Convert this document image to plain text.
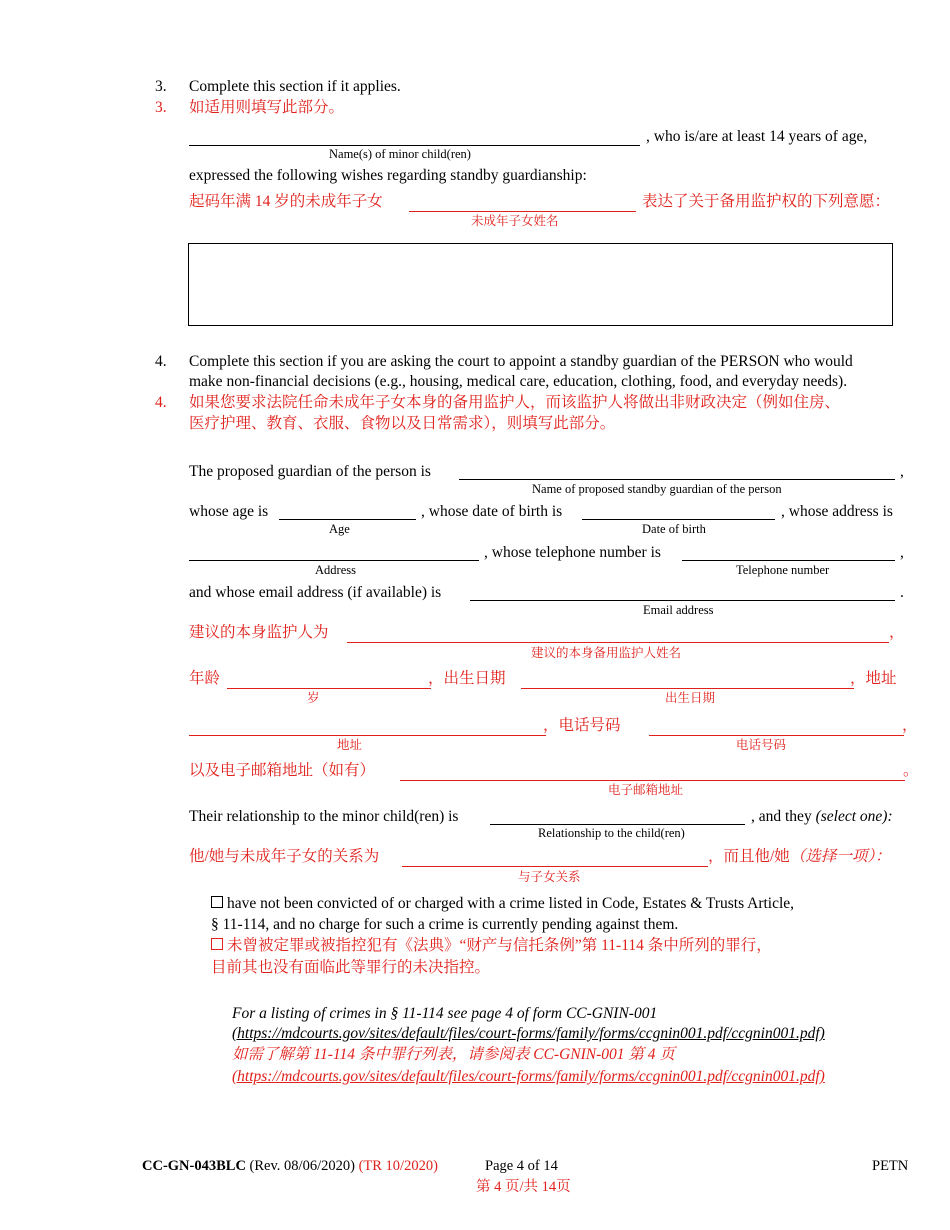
3. Complete this section if it applies.
3. 如适用则填写此部分。
, who is/are at least 14 years of age,
Name(s) of minor child(ren)
expressed the following wishes regarding standby guardianship:
起码年满 14 岁的未成年子女	表达了关于备用监护权的下列意愿：
未成年子女姓名
4. Complete this section if you are asking the court to appoint a standby guardian of the PERSON who would
make non-financial decisions (e.g., housing, medical care, education, clothing, food, and everyday needs).
4. 如果您要求法院任命未成年子女本身的备用监护人，而该监护人将做出非财政决定（例如住房、
医疗护理、教育、衣服、食物以及日常需求），则填写此部分。
The proposed guardian of the person is	,
Name of proposed standby guardian of the person
whose age is	, whose date of birth is	, whose address is
Age	Date of birth
, whose telephone number is	,
Address	Telephone number
and whose email address (if available) is	.
Email address
建议的本身监护人为	，
建议的本身备用监护人姓名
年龄	，出生日期	，地址
岁	出生日期
，电话号码	，
地址	电话号码
以及电子邮箱地址（如有）	。
电子邮箱地址
Their relationship to the minor child(ren) is	, and they (select one):
Relationship to the child(ren)
他/她与未成年子女的关系为	，而且他/她（选择一项）：
与子女关系
have not been convicted of or charged with a crime listed in Code, Estates & Trusts Article,
§ 11-114, and no charge for such a crime is currently pending against them.
未曾被定罪或被指控犯有《法典》“财产与信托条例”第 11-114 条中所列的罪行，
目前其也没有面临此等罪行的未决指控。
For a listing of crimes in § 11-114 see page 4 of form CC-GNIN-001
(https://mdcourts.gov/sites/default/files/court-forms/family/forms/ccgnin001.pdf/ccgnin001.pdf)
如需了解第 11-114 条中罪行列表，请参阅表 CC-GNIN-001 第 4 页
(https://mdcourts.gov/sites/default/files/court-forms/family/forms/ccgnin001.pdf/ccgnin001.pdf)
CC-GN-043BLC (Rev. 08/06/2020) (TR 10/2020)	Page 4 of 14
第 4 页/共 14页
PETN
